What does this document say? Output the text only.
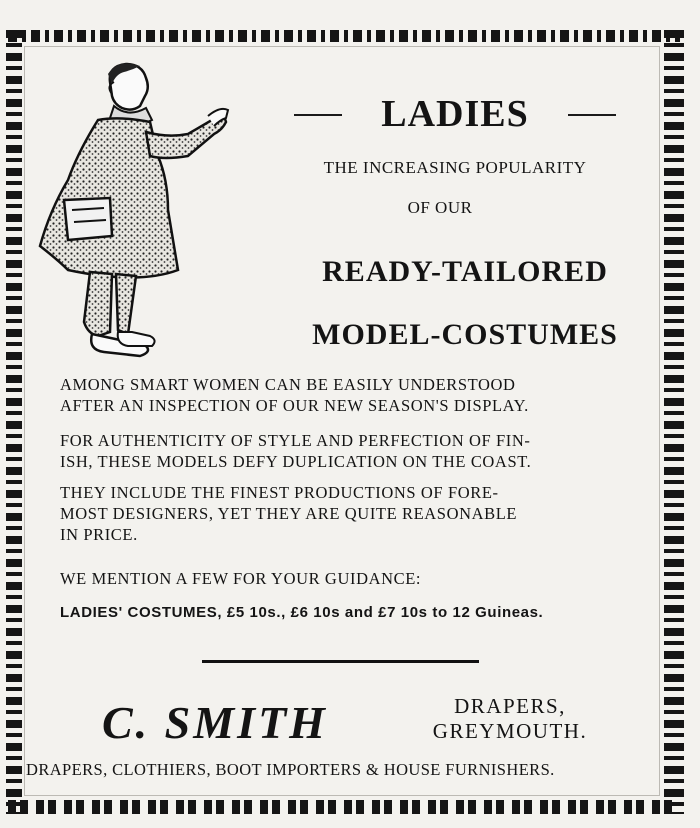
LADIES
THE INCREASING POPULARITY
OF OUR
READY-TAILORED
MODEL-COSTUMES
AMONG SMART WOMEN CAN BE EASILY UNDERSTOOD
AFTER AN INSPECTION OF OUR NEW SEASON'S DISPLAY.
FOR AUTHENTICITY OF STYLE AND PERFECTION OF FIN-
ISH, THESE MODELS DEFY DUPLICATION ON THE COAST.
THEY INCLUDE THE FINEST PRODUCTIONS OF FORE-
MOST DESIGNERS, YET THEY ARE QUITE REASONABLE
IN PRICE.
WE MENTION A FEW FOR YOUR GUIDANCE:
LADIES' COSTUMES, £5 10s., £6 10s and £7 10s to 12 Guineas.
C. SMITH	DRAPERS,
GREYMOUTH.
DRAPERS, CLOTHIERS, BOOT IMPORTERS & HOUSE FURNISHERS.
